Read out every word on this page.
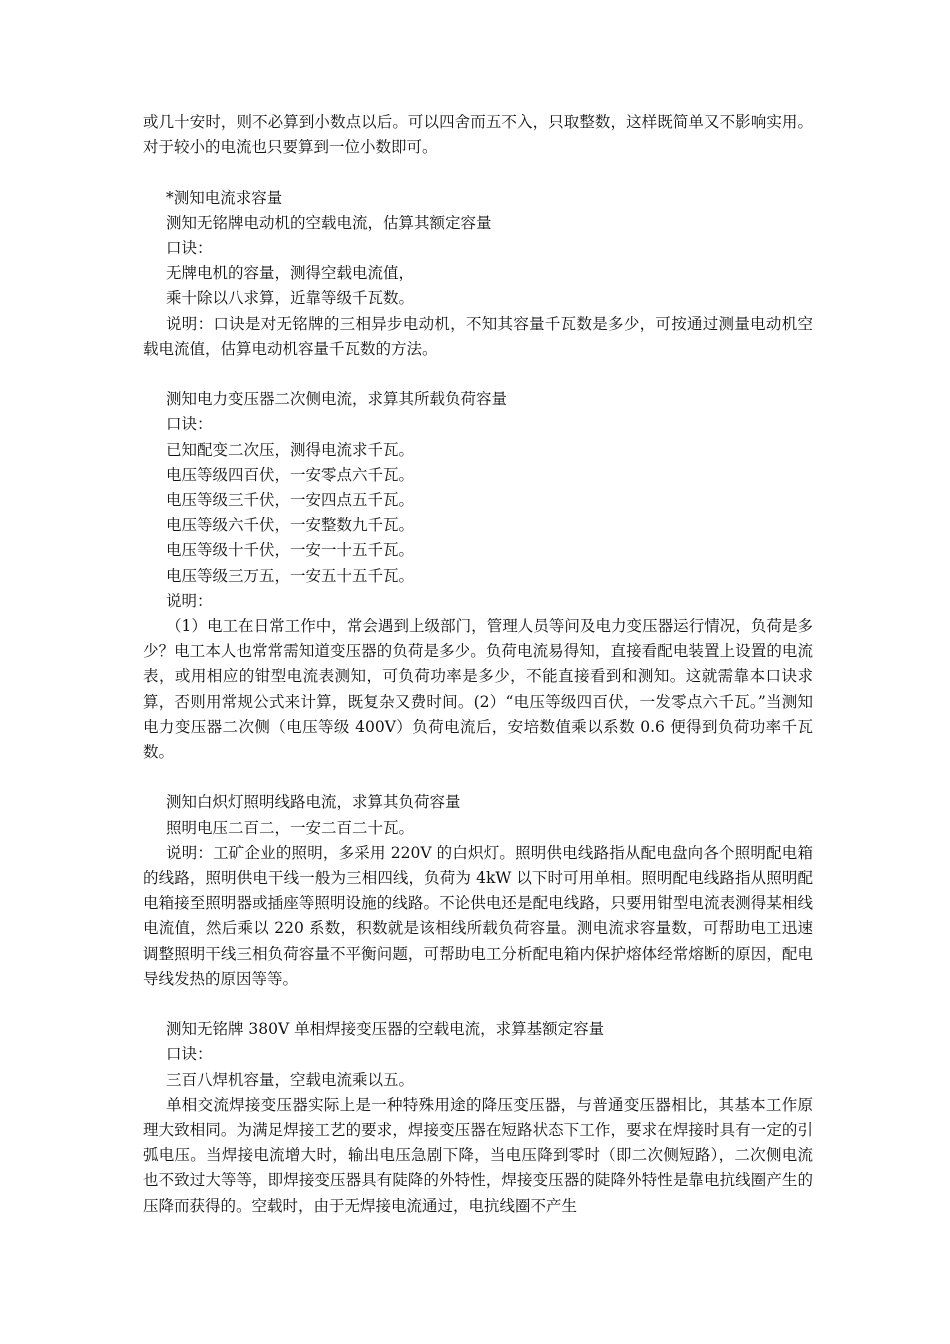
或几十安时，则不必算到小数点以后。可以四舍而五不入，只取整数，这样既简单又不影响实用。对于较小的电流也只要算到一位小数即可。

*测知电流求容量

测知无铭牌电动机的空载电流，估算其额定容量

口诀：

无牌电机的容量，测得空载电流值，

乘十除以八求算，近靠等级千瓦数。

说明：口诀是对无铭牌的三相异步电动机，不知其容量千瓦数是多少，可按通过测量电动机空载电流值，估算电动机容量千瓦数的方法。

测知电力变压器二次侧电流，求算其所载负荷容量

口诀：

已知配变二次压，测得电流求千瓦。

电压等级四百伏，一安零点六千瓦。

电压等级三千伏，一安四点五千瓦。

电压等级六千伏，一安整数九千瓦。

电压等级十千伏，一安一十五千瓦。

电压等级三万五，一安五十五千瓦。

说明：

（1）电工在日常工作中，常会遇到上级部门，管理人员等问及电力变压器运行情况，负荷是多少？电工本人也常常需知道变压器的负荷是多少。负荷电流易得知，直接看配电装置上设置的电流表，或用相应的钳型电流表测知，可负荷功率是多少，不能直接看到和测知。这就需靠本口诀求算，否则用常规公式来计算，既复杂又费时间。(2）“电压等级四百伏，一发零点六千瓦。”当测知电力变压器二次侧（电压等级 400V）负荷电流后，安培数值乘以系数 0.6 便得到负荷功率千瓦数。

测知白炽灯照明线路电流，求算其负荷容量

照明电压二百二，一安二百二十瓦。

说明：工矿企业的照明，多采用 220V 的白炽灯。照明供电线路指从配电盘向各个照明配电箱的线路，照明供电干线一般为三相四线，负荷为 4kW 以下时可用单相。照明配电线路指从照明配电箱接至照明器或插座等照明设施的线路。不论供电还是配电线路，只要用钳型电流表测得某相线电流值，然后乘以 220 系数，积数就是该相线所载负荷容量。测电流求容量数，可帮助电工迅速调整照明干线三相负荷容量不平衡问题，可帮助电工分析配电箱内保护熔体经常熔断的原因，配电导线发热的原因等等。

测知无铭牌 380V 单相焊接变压器的空载电流，求算基额定容量

口诀：

三百八焊机容量，空载电流乘以五。

单相交流焊接变压器实际上是一种特殊用途的降压变压器，与普通变压器相比，其基本工作原理大致相同。为满足焊接工艺的要求，焊接变压器在短路状态下工作，要求在焊接时具有一定的引弧电压。当焊接电流增大时，输出电压急剧下降，当电压降到零时（即二次侧短路），二次侧电流也不致过大等等，即焊接变压器具有陡降的外特性，焊接变压器的陡降外特性是靠电抗线圈产生的压降而获得的。空载时，由于无焊接电流通过，电抗线圈不产生
